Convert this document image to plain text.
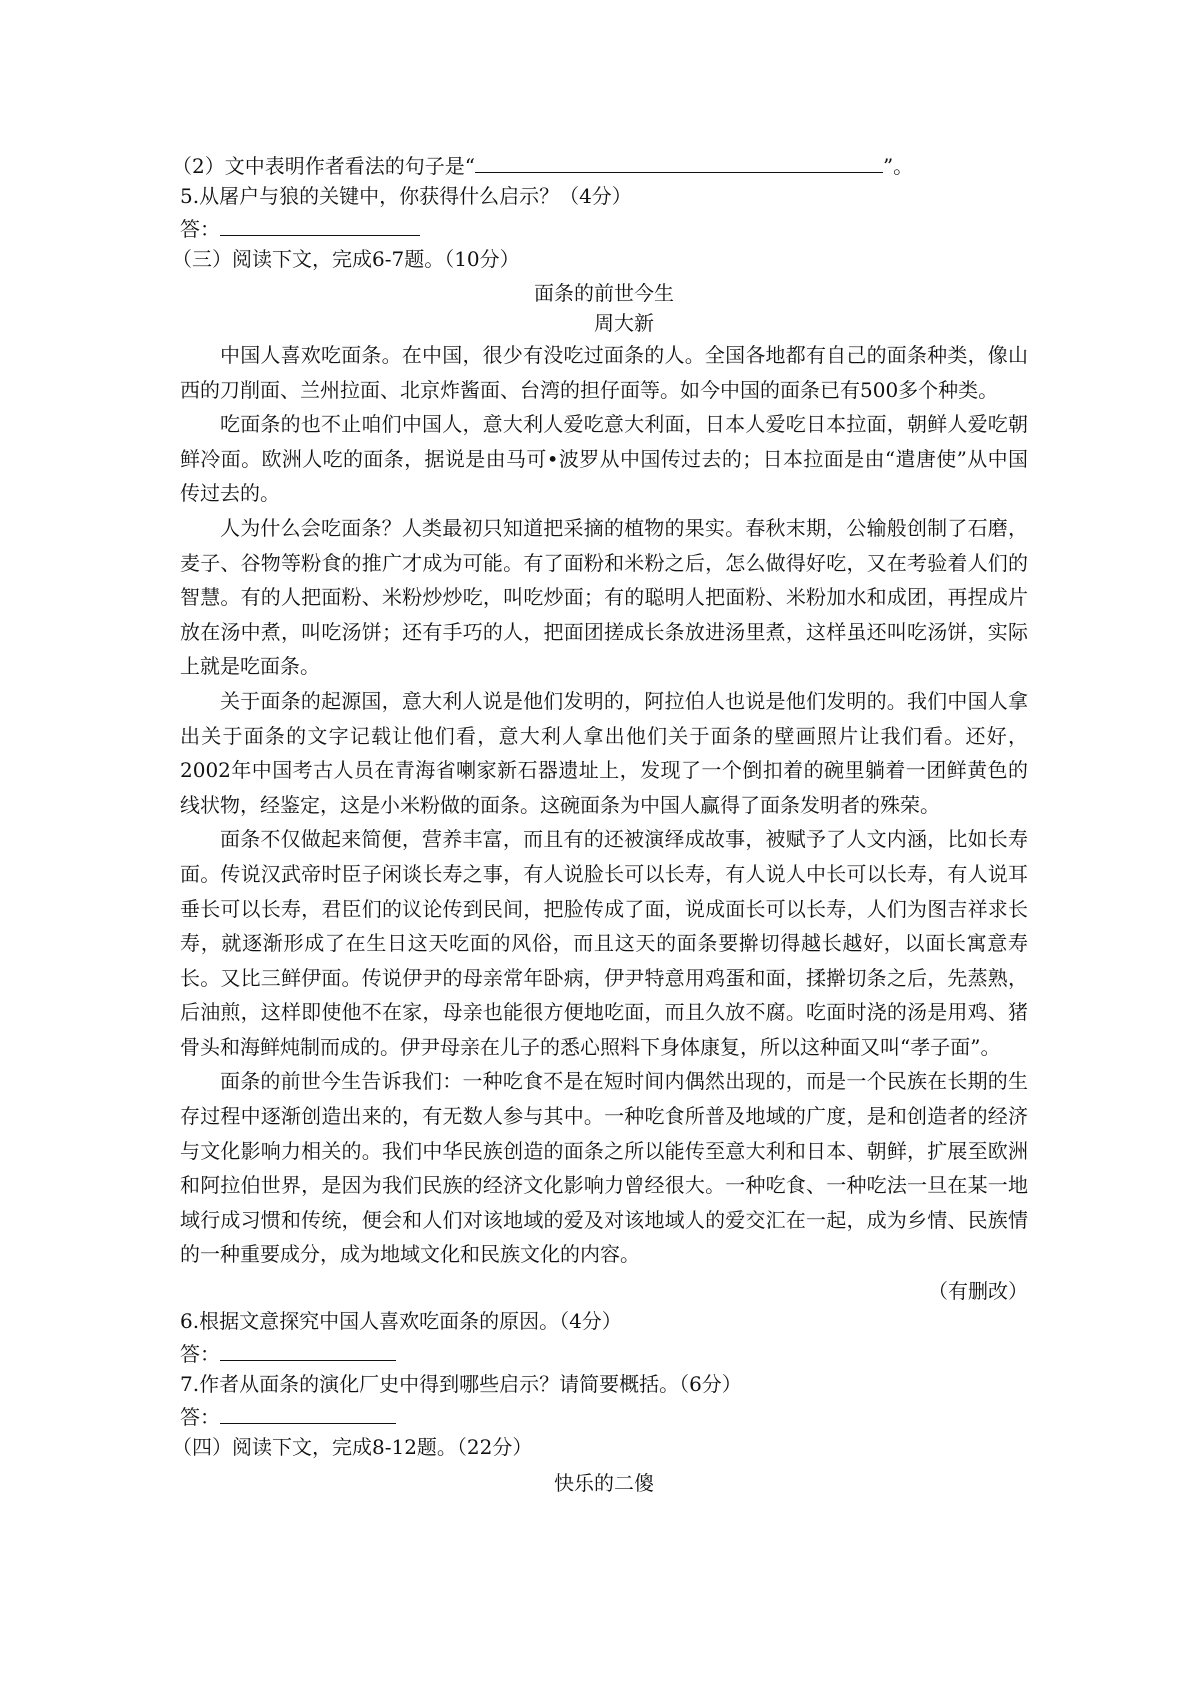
（2）文中表明作者看法的句子是“	”。
5.从屠户与狼的关键中，你获得什么启示？（4分）
答：
（三）阅读下文，完成6-7题。（10分）
面条的前世今生
周大新

中国人喜欢吃面条。在中国，很少有没吃过面条的人。全国各地都有自己的面条种类，像山西的刀削面、兰州拉面、北京炸酱面、台湾的担仔面等。如今中国的面条已有500多个种类。

吃面条的也不止咱们中国人，意大利人爱吃意大利面，日本人爱吃日本拉面，朝鲜人爱吃朝鲜冷面。欧洲人吃的面条，据说是由马可•波罗从中国传过去的；日本拉面是由“遣唐使”从中国传过去的。

人为什么会吃面条？人类最初只知道把采摘的植物的果实。春秋末期，公输般创制了石磨，麦子、谷物等粉食的推广才成为可能。有了面粉和米粉之后，怎么做得好吃，又在考验着人们的智慧。有的人把面粉、米粉炒炒吃，叫吃炒面；有的聪明人把面粉、米粉加水和成团，再捏成片放在汤中煮，叫吃汤饼；还有手巧的人，把面团搓成长条放进汤里煮，这样虽还叫吃汤饼，实际上就是吃面条。

关于面条的起源国，意大利人说是他们发明的，阿拉伯人也说是他们发明的。我们中国人拿出关于面条的文字记载让他们看，意大利人拿出他们关于面条的壁画照片让我们看。还好，2002年中国考古人员在青海省喇家新石器遗址上，发现了一个倒扣着的碗里躺着一团鲜黄色的线状物，经鉴定，这是小米粉做的面条。这碗面条为中国人赢得了面条发明者的殊荣。

面条不仅做起来简便，营养丰富，而且有的还被演绎成故事，被赋予了人文内涵，比如长寿面。传说汉武帝时臣子闲谈长寿之事，有人说脸长可以长寿，有人说人中长可以长寿，有人说耳垂长可以长寿，君臣们的议论传到民间，把脸传成了面，说成面长可以长寿，人们为图吉祥求长寿，就逐渐形成了在生日这天吃面的风俗，而且这天的面条要擀切得越长越好，以面长寓意寿长。又比三鲜伊面。传说伊尹的母亲常年卧病，伊尹特意用鸡蛋和面，揉擀切条之后，先蒸熟，后油煎，这样即使他不在家，母亲也能很方便地吃面，而且久放不腐。吃面时浇的汤是用鸡、猪骨头和海鲜炖制而成的。伊尹母亲在儿子的悉心照料下身体康复，所以这种面又叫“孝子面”。

面条的前世今生告诉我们：一种吃食不是在短时间内偶然出现的，而是一个民族在长期的生存过程中逐渐创造出来的，有无数人参与其中。一种吃食所普及地域的广度，是和创造者的经济与文化影响力相关的。我们中华民族创造的面条之所以能传至意大利和日本、朝鲜，扩展至欧洲和阿拉伯世界，是因为我们民族的经济文化影响力曾经很大。一种吃食、一种吃法一旦在某一地域行成习惯和传统，便会和人们对该地域的爱及对该地域人的爱交汇在一起，成为乡情、民族情的一种重要成分，成为地域文化和民族文化的内容。

（有删改）
6.根据文意探究中国人喜欢吃面条的原因。（4分）
答：
7.作者从面条的演化厂史中得到哪些启示？请简要概括。（6分）
答：
（四）阅读下文，完成8-12题。（22分）
快乐的二傻
